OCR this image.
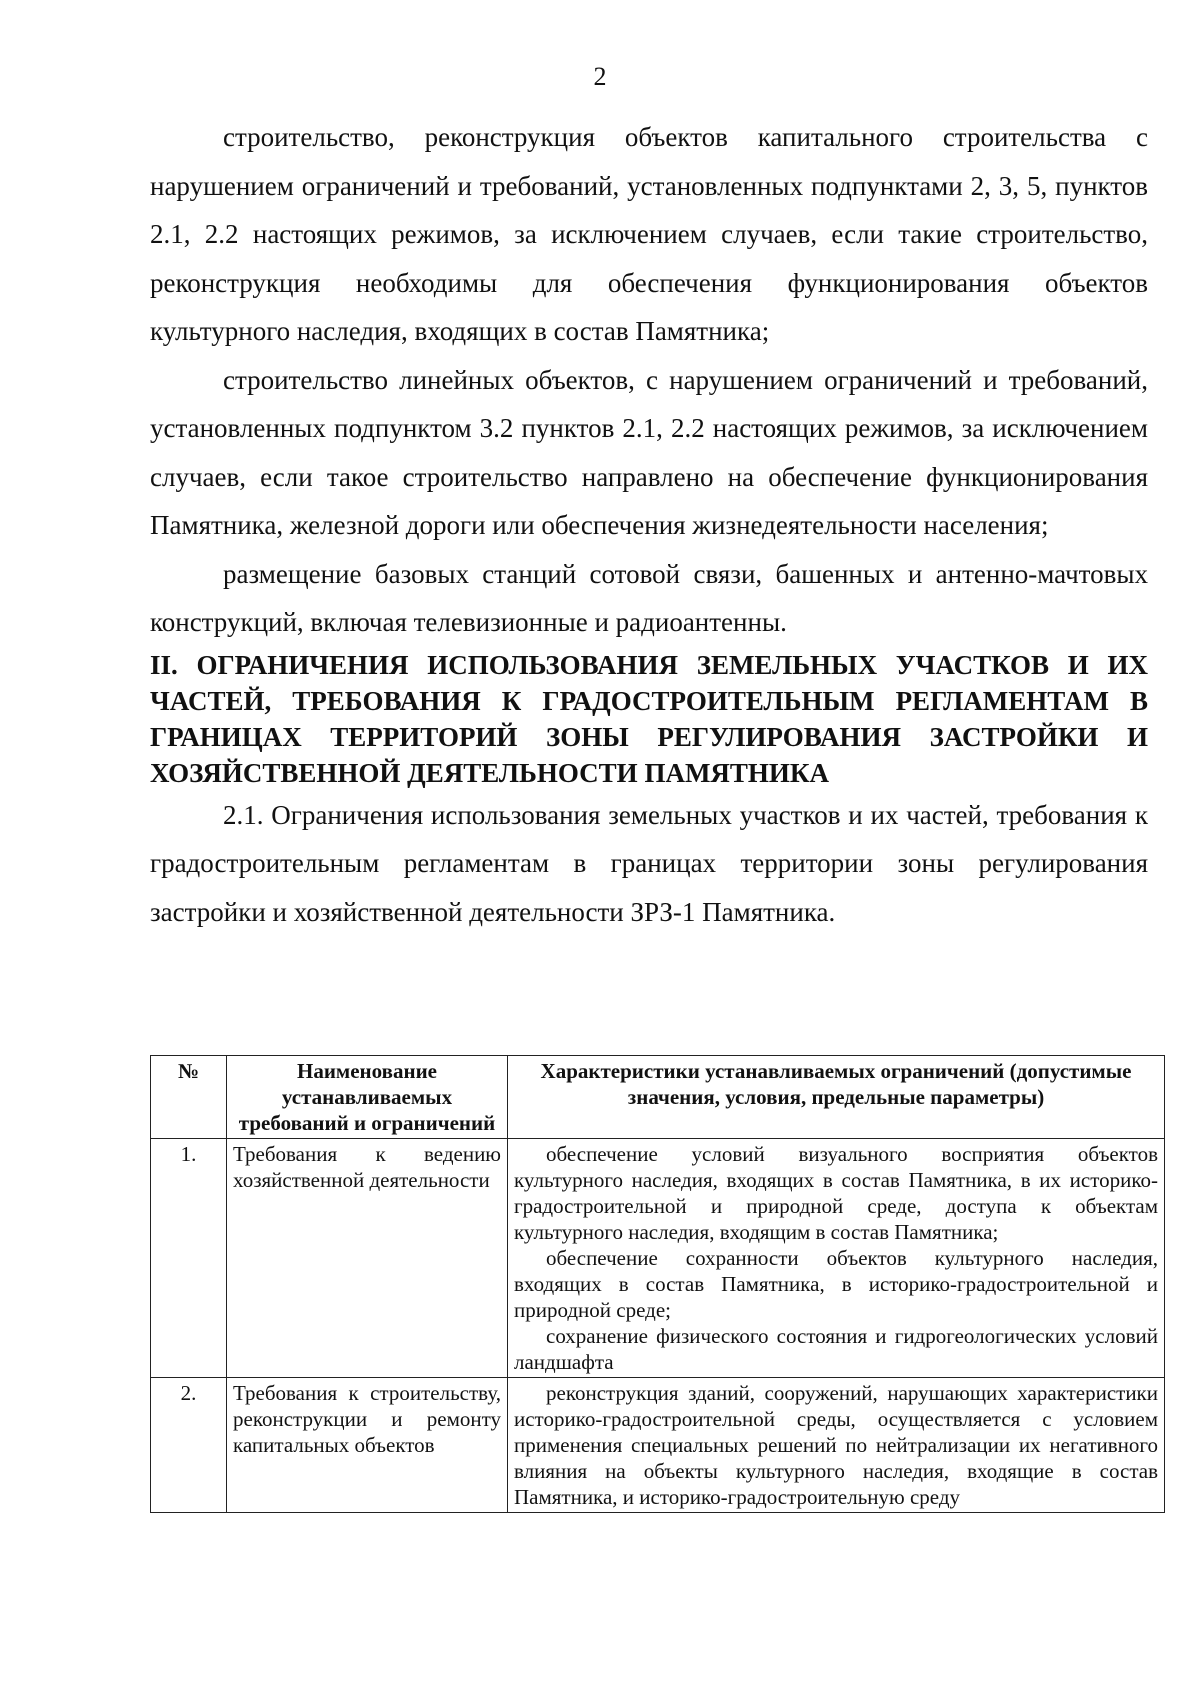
2

строительство, реконструкция объектов капитального строительства с нарушением ограничений и требований, установленных подпунктами 2, 3, 5, пунктов 2.1, 2.2 настоящих режимов, за исключением случаев, если такие строительство, реконструкция необходимы для обеспечения функционирования объектов культурного наследия, входящих в состав Памятника;

строительство линейных объектов, с нарушением ограничений и требований, установленных подпунктом 3.2 пунктов 2.1, 2.2 настоящих режимов, за исключением случаев, если такое строительство направлено на обеспечение функционирования Памятника, железной дороги или обеспечения жизнедеятельности населения;

размещение базовых станций сотовой связи, башенных и антенно-мачтовых конструкций, включая телевизионные и радиоантенны.

II. ОГРАНИЧЕНИЯ ИСПОЛЬЗОВАНИЯ ЗЕМЕЛЬНЫХ УЧАСТКОВ И ИХ ЧАСТЕЙ, ТРЕБОВАНИЯ К ГРАДОСТРОИТЕЛЬНЫМ РЕГЛАМЕНТАМ В ГРАНИЦАХ ТЕРРИТОРИЙ ЗОНЫ РЕГУЛИРОВАНИЯ ЗАСТРОЙКИ И ХОЗЯЙСТВЕННОЙ ДЕЯТЕЛЬНОСТИ ПАМЯТНИКА

2.1. Ограничения использования земельных участков и их частей, требования к градостроительным регламентам в границах территории зоны регулирования застройки и хозяйственной деятельности ЗРЗ-1 Памятника.

№	Наименование устанавливаемых требований и ограничений	Характеристики устанавливаемых ограничений (допустимые значения, условия, предельные параметры)
1.	Требования к ведению хозяйственной деятельности	обеспечение условий визуального восприятия объектов культурного наследия, входящих в состав Памятника, в их историко-градостроительной и природной среде, доступа к объектам культурного наследия, входящим в состав Памятника;

обеспечение сохранности объектов культурного наследия, входящих в состав Памятника, в историко-градостроительной и природной среде;

сохранение физического состояния и гидрогеологических условий ландшафта

2.	Требования к строительству, реконструкции и ремонту капитальных объектов	реконструкция зданий, сооружений, нарушающих характеристики историко-градостроительной среды, осуществляется с условием применения специальных решений по нейтрализации их негативного влияния на объекты культурного наследия, входящие в состав Памятника, и историко-градостроительную среду
